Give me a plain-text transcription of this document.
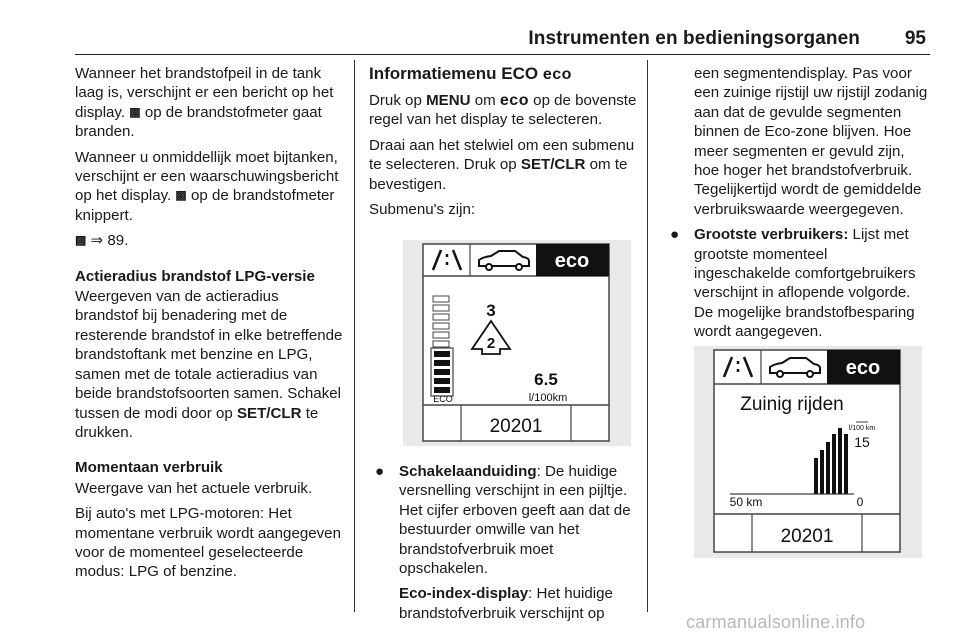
Instrumenten en bedieningsorganen	95

Wanneer het brandstofpeil in de tank laag is, verschijnt er een bericht op het display. ▩ op de brandstofmeter gaat branden.

Wanneer u onmiddellijk moet bijtanken, verschijnt er een waarschuwingsbericht op het display. ▩ op de brandstofmeter knippert.

▩ ⇒ 89.

Actieradius brandstof LPG-versie

Weergeven van de actieradius brandstof bij benadering met de resterende brandstof in elke betreffende brandstoftank met benzine en LPG, samen met de totale actieradius van beide brandstofsoorten samen. Schakel tussen de modi door op SET/CLR te drukken.

Momentaan verbruik

Weergave van het actuele verbruik.

Bij auto's met LPG-motoren: Het momentane verbruik wordt aangegeven voor de momenteel geselecteerde modus: LPG of benzine.

Informatiemenu ECO eco

Druk op MENU om eco op de bovenste regel van het display te selecteren.

Draai aan het stelwiel om een submenu te selecteren. Druk op SET/CLR om te bevestigen.

Submenu's zijn:

eco
ECO
3
2
6.5
l/100km
20201
● Schakelaanduiding: De huidige versnelling verschijnt in een pijltje. Het cijfer erboven geeft aan dat de bestuurder omwille van het brandstofverbruik moet opschakelen.
Eco-index-display: Het huidige brandstofverbruik verschijnt op

een segmentendisplay. Pas voor een zuinige rijstijl uw rijstijl zodanig aan dat de gevulde segmenten binnen de Eco-zone blijven. Hoe meer segmenten er gevuld zijn, hoe hoger het brandstofverbruik. Tegelijkertijd wordt de gemiddelde verbruikswaarde weergegeven.

● Grootste verbruikers: Lijst met grootste momenteel ingeschakelde comfortgebruikers verschijnt in aflopende volgorde. De mogelijke brandstofbesparing wordt aangegeven.
eco
Zuinig rijden
l/100 km
15
50 km	0
20201
carmanualsonline.info
